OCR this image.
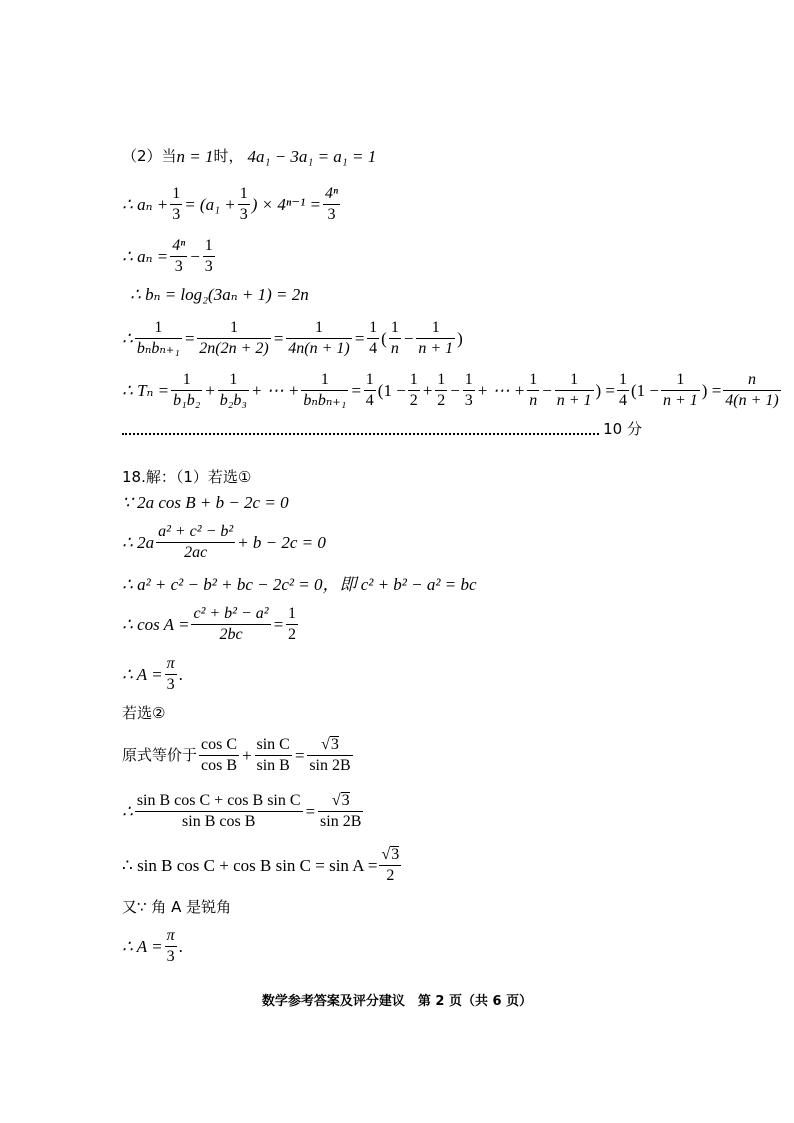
（2）当 n = 1 时， 4a₁ − 3a₁ = a₁ = 1
∴ $a_n + \frac{1}{3} = (a_1 + \frac{1}{3}$ ) × $4^{n-1} = \frac{\text{4ⁿ}}{3}$
∴ $a_n = \frac{\text{4ⁿ}}{3} - \frac{1}{3}$
∴ bₙ = log₂(3aₙ + 1) = 2n
∴ $\frac{1}{\text{bₙbₙ₊₁}} = \frac{1}{2n(2n + 2)} = \frac{1}{4n(n + 1)} = \frac{1}{4}$ ( $\frac{1}{n} - \frac{1}{n + 1}$ )
∴ $T_n = \frac{1}{\text{b₁b₂}} + \frac{1}{\text{b₂b₃}}$ + ⋯ + $\frac{1}{\text{bₙbₙ₊₁}} = \frac{1}{4} (1 - \frac{1}{2} + \frac{1}{2} - \frac{1}{3}$ + ⋯ + $\frac{1}{n} - \frac{1}{n + 1}$ ) = $\frac{1}{4} (1 - \frac{1}{n + 1}$ ) = $\frac{n}{4(n + 1)}$
10 分
18.解：（1）若选①
∵ 2a cos B + b − 2c = 0
∴ $2a \frac{\text{a² + c² − b²}}{2ac} + b - 2c = 0$
∴ a² + c² − b² + bc − 2c² = 0，即 c² + b² − a² = bc
∴ $\cos A = \frac{\text{c² + b² − a²}}{2bc} = \frac{1}{2}$
∴ $A = \frac{\pi}{3}$ .
若选②
原式等价于 $\frac{\text{cos C}}{\text{cos B}} + \frac{\text{sin C}}{\text{sin B}} = \frac{√3}{\sin 2B}$
∴ $\frac{\text{sin B cos C + cos B sin C}}{\text{sin B cos B}} = \frac{√3}{\sin 2B}$
∴ sin B cos C + cos B $\sin C = \sin A = \frac{√3}{2}$
又∵ 角 A 是锐角
∴ $A = \frac{\pi}{3}$ .
数学参考答案及评分建议　第 2 页（共 6 页）
